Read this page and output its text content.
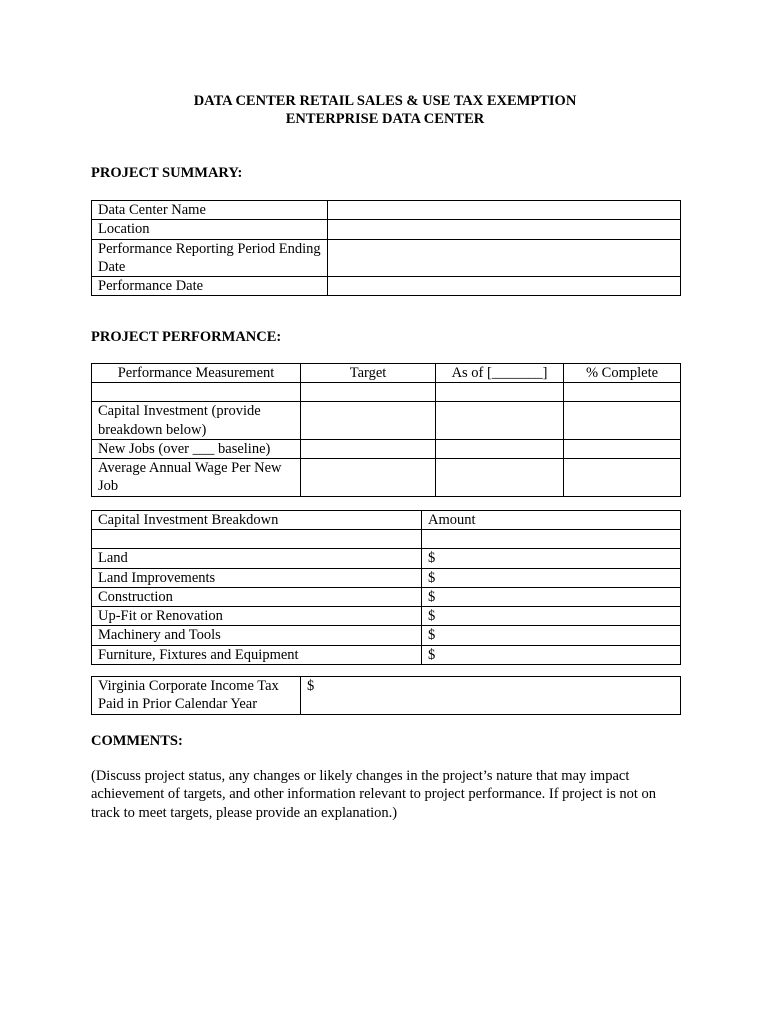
DATA CENTER RETAIL SALES & USE TAX EXEMPTION
ENTERPRISE DATA CENTER
PROJECT SUMMARY:
Data Center Name	
Location	
Performance Reporting Period Ending Date	
Performance Date	
PROJECT PERFORMANCE:
Performance Measurement	Target	As of [_______]	% Complete

Capital Investment (provide breakdown below)			
New Jobs (over ___ baseline)			
Average Annual Wage Per New Job			
Capital Investment Breakdown	Amount

Land	$
Land Improvements	$
Construction	$
Up-Fit or Renovation	$
Machinery and Tools	$
Furniture, Fixtures and Equipment	$
Virginia Corporate Income Tax Paid in Prior Calendar Year	$
COMMENTS:
(Discuss project status, any changes or likely changes in the project’s nature that may impact achievement of targets, and other information relevant to project performance. If project is not on track to meet targets, please provide an explanation.)
